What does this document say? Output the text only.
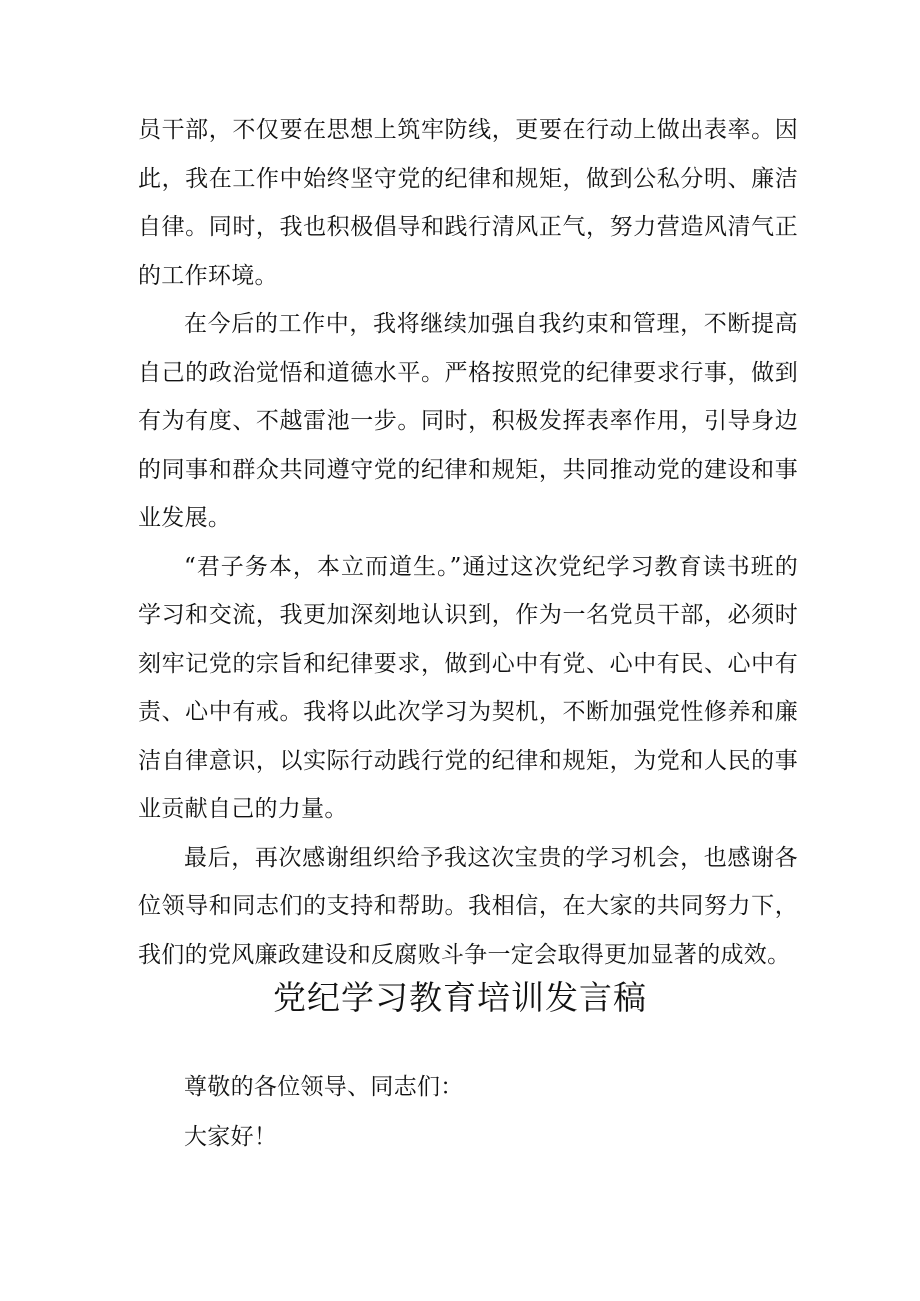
员干部，不仅要在思想上筑牢防线，更要在行动上做出表率。因此，我在工作中始终坚守党的纪律和规矩，做到公私分明、廉洁自律。同时，我也积极倡导和践行清风正气，努力营造风清气正的工作环境。

在今后的工作中，我将继续加强自我约束和管理，不断提高自己的政治觉悟和道德水平。严格按照党的纪律要求行事，做到有为有度、不越雷池一步。同时，积极发挥表率作用，引导身边的同事和群众共同遵守党的纪律和规矩，共同推动党的建设和事业发展。

“君子务本，本立而道生。”通过这次党纪学习教育读书班的学习和交流，我更加深刻地认识到，作为一名党员干部，必须时刻牢记党的宗旨和纪律要求，做到心中有党、心中有民、心中有责、心中有戒。我将以此次学习为契机，不断加强党性修养和廉洁自律意识，以实际行动践行党的纪律和规矩，为党和人民的事业贡献自己的力量。

最后，再次感谢组织给予我这次宝贵的学习机会，也感谢各位领导和同志们的支持和帮助。我相信，在大家的共同努力下，我们的党风廉政建设和反腐败斗争一定会取得更加显著的成效。

党纪学习教育培训发言稿

尊敬的各位领导、同志们：

大家好！
